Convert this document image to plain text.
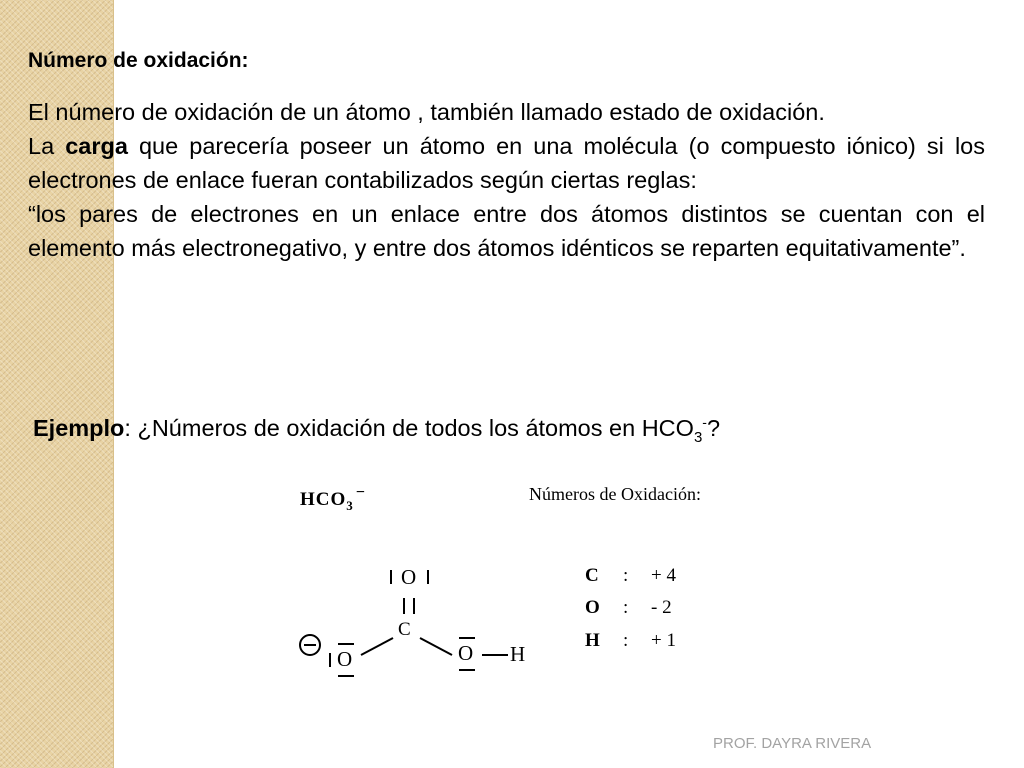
Número de oxidación:

El número de oxidación de un átomo , también llamado estado de oxidación.

La carga que parecería poseer un átomo en una molécula (o compuesto iónico) si los electrones de enlace fueran contabilizados según ciertas reglas:

“los pares de electrones en un enlace entre dos átomos distintos se cuentan con el elemento más electronegativo, y entre dos átomos idénticos se reparten equitativamente”.

Ejemplo: ¿Números de oxidación de todos los átomos en $HCO_3^-$?
$HCO_3^-$	Números de Oxidación:
C : + 4
O : - 2
H : + 1
O
C
O	O H
PROF. DAYRA RIVERA
